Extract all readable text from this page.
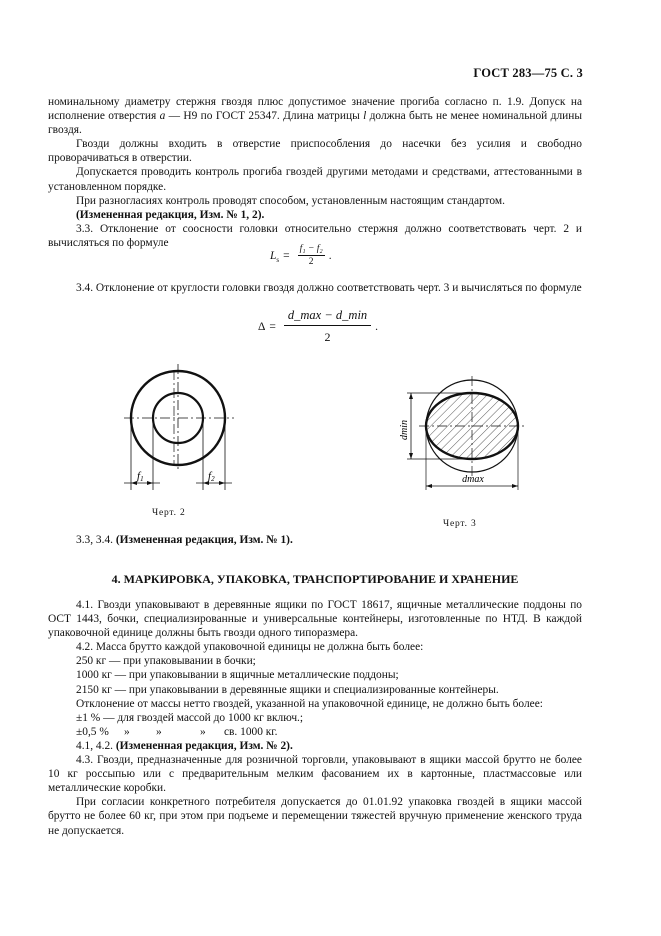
ГОСТ 283—75 С. 3

номинальному диаметру стержня гвоздя плюс допустимое значение прогиба согласно п. 1.9. Допуск на исполнение отверстия a — Н9 по ГОСТ 25347. Длина матрицы l должна быть не менее номинальной длины гвоздя.

Гвозди должны входить в отверстие приспособления до насечки без усилия и свободно проворачиваться в отверстии.

Допускается проводить контроль прогиба гвоздей другими методами и средствами, аттестованными в установленном порядке.

При разногласиях контроль проводят способом, установленным настоящим стандартом.

(Измененная редакция, Изм. № 1, 2).

3.3. Отклонение от соосности головки относительно стержня должно соответствовать черт. 2 и вычисляться по формуле

$L_s = \frac{\text{f₁ − f₂}}{2}$ .

3.4. Отклонение от круглости головки гвоздя должно соответствовать черт. 3 и вычисляться по формуле

$\Delta = \frac{d\_\max - d\_\min}{2}$ .
f1	f2
Черт. 2
dmin
dmax
Черт. 3

3.3, 3.4. (Измененная редакция, Изм. № 1).

4. МАРКИРОВКА, УПАКОВКА, ТРАНСПОРТИРОВАНИЕ И ХРАНЕНИЕ

4.1. Гвозди упаковывают в деревянные ящики по ГОСТ 18617, ящичные металлические поддоны по ОСТ 1443, бочки, специализированные и универсальные контейнеры, изготовленные по НТД. В каждой упаковочной единице должны быть гвозди одного типоразмера.

4.2. Масса брутто каждой упаковочной единицы не должна быть более:

250 кг — при упаковывании в бочки;

1000 кг — при упаковывании в ящичные металлические поддоны;

2150 кг — при упаковывании в деревянные ящики и специализированные контейнеры.

Отклонение от массы нетто гвоздей, указанной на упаковочной единице, не должно быть более:

±1 % — для гвоздей массой до 1000 кг включ.;

±0,5 % » »	» св. 1000 кг.

4.1, 4.2. (Измененная редакция, Изм. № 2).

4.3. Гвозди, предназначенные для розничной торговли, упаковывают в ящики массой брутто не более 10 кг россыпью или с предварительным мелким фасованием их в картонные, пластмассовые или металлические коробки.

При согласии конкретного потребителя допускается до 01.01.92 упаковка гвоздей в ящики массой брутто не более 60 кг, при этом при подъеме и перемещении тяжестей вручную применение женского труда не допускается.
